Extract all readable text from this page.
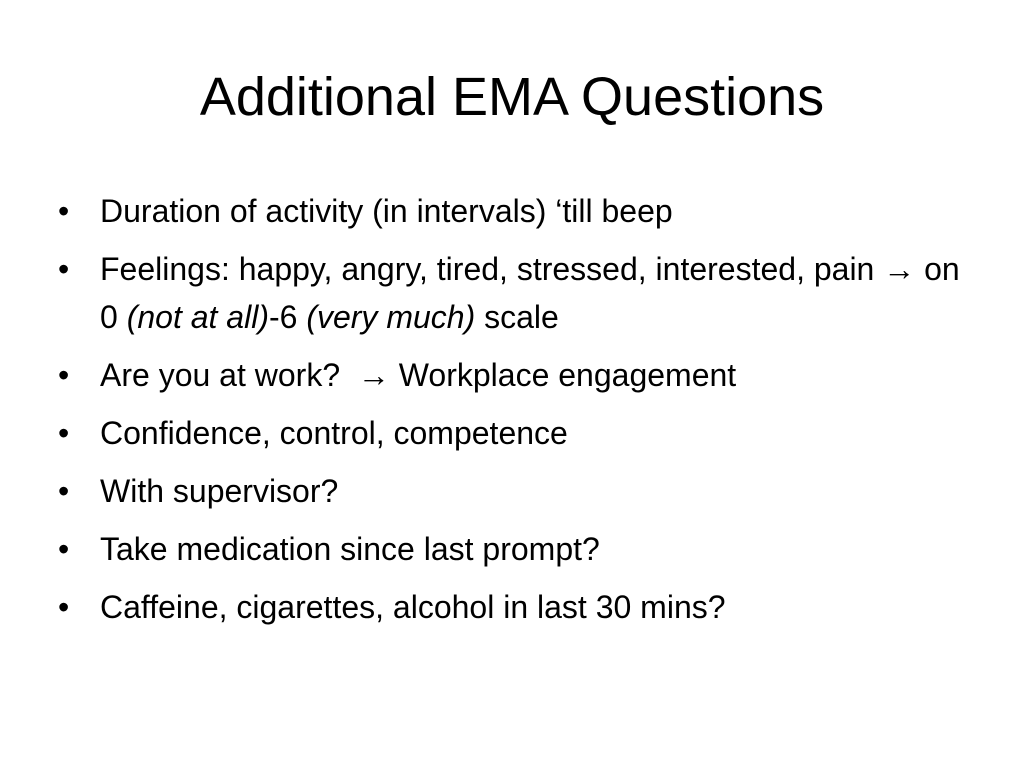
Additional EMA Questions
• Duration of activity (in intervals) ‘till beep
• Feelings: happy, angry, tired, stressed, interested, pain → on 0 (not at all)-6 (very much) scale
• Are you at work? → Workplace engagement
• Confidence, control, competence
• With supervisor?
• Take medication since last prompt?
• Caffeine, cigarettes, alcohol in last 30 mins?
